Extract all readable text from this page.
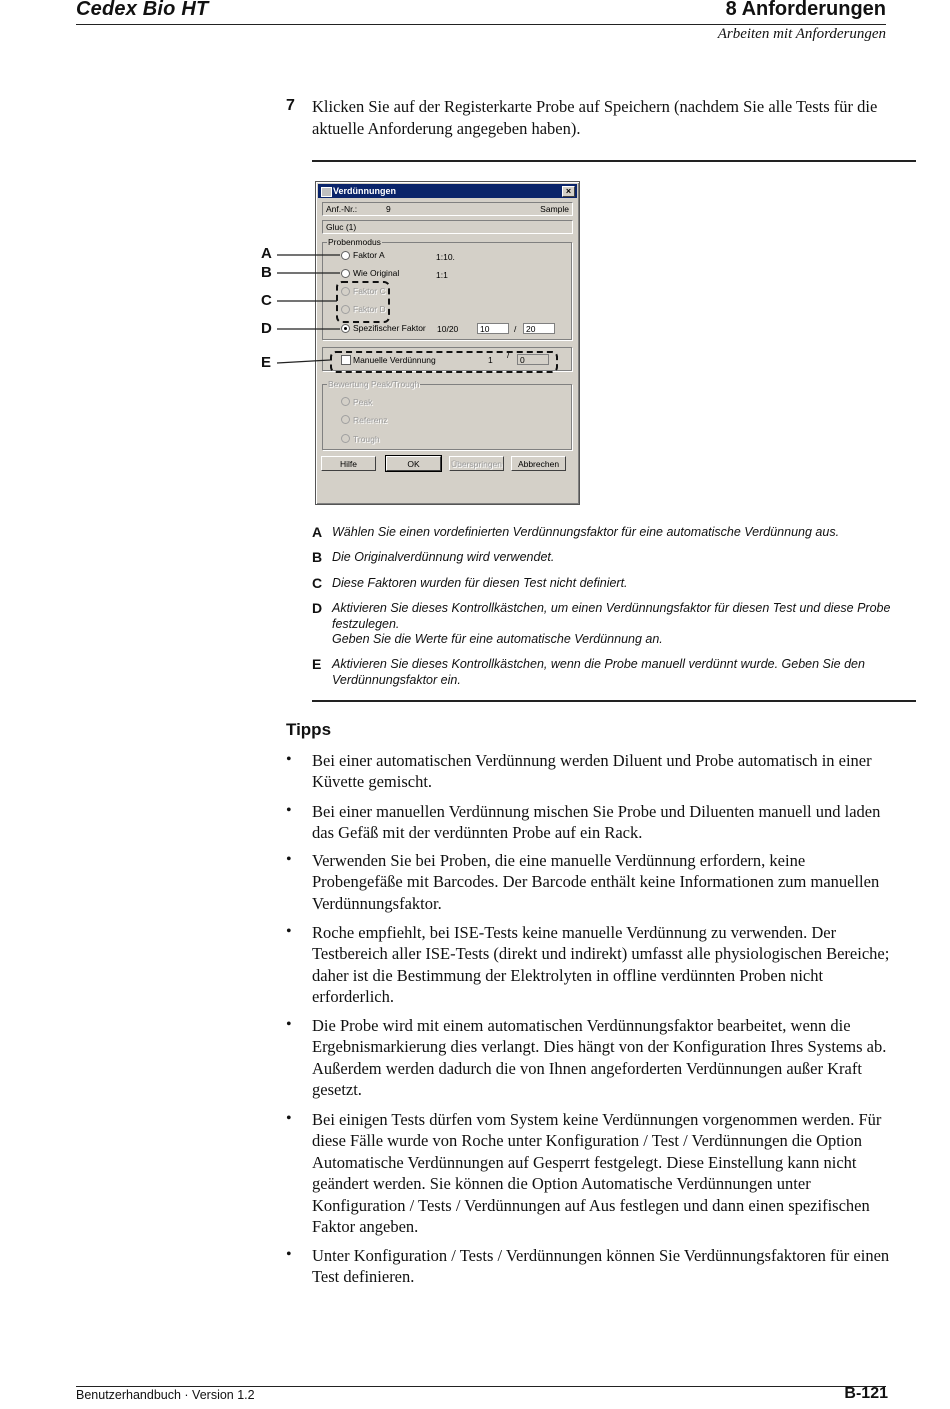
Cedex Bio HT	8 Anforderungen
Arbeiten mit Anforderungen
7 Klicken Sie auf der Registerkarte Probe auf Speichern (nachdem Sie alle Tests für die aktuelle Anforderung angegeben haben).
Verdünnungen	×
Anf.-Nr.:	9	Sample
Gluc (1)
Probenmodus
Faktor A	1:10.
Wie Original	1:1
Faktor C
Faktor D
Spezifischer Faktor 10/20	10	/	20
Manuelle Verdünnung	1 /	0
Bewertung Peak/Trough
Peak
Referenz
Trough
Hilfe	OK	Überspringen	Abbrechen
A
B
C
D
E
A Wählen Sie einen vordefinierten Verdünnungsfaktor für eine automatische Verdünnung aus.
B Die Originalverdünnung wird verwendet.
C Diese Faktoren wurden für diesen Test nicht definiert.
D Aktivieren Sie dieses Kontrollkästchen, um einen Verdünnungsfaktor für diesen Test und diese Probe festzulegen.
Geben Sie die Werte für eine automatische Verdünnung an.
E Aktivieren Sie dieses Kontrollkästchen, wenn die Probe manuell verdünnt wurde. Geben Sie den Verdünnungsfaktor ein.
Tipps
• Bei einer automatischen Verdünnung werden Diluent und Probe automatisch in einer Küvette gemischt.
• Bei einer manuellen Verdünnung mischen Sie Probe und Diluenten manuell und laden das Gefäß mit der verdünnten Probe auf ein Rack.
• Verwenden Sie bei Proben, die eine manuelle Verdünnung erfordern, keine Probengefäße mit Barcodes. Der Barcode enthält keine Informationen zum manuellen Verdünnungsfaktor.
• Roche empfiehlt, bei ISE-Tests keine manuelle Verdünnung zu verwenden. Der Testbereich aller ISE-Tests (direkt und indirekt) umfasst alle physiologischen Bereiche; daher ist die Bestimmung der Elektrolyten in offline verdünnten Proben nicht erforderlich.
• Die Probe wird mit einem automatischen Verdünnungsfaktor bearbeitet, wenn die Ergebnismarkierung dies verlangt. Dies hängt von der Konfiguration Ihres Systems ab. Außerdem werden dadurch die von Ihnen angeforderten Verdünnungen außer Kraft gesetzt.
• Bei einigen Tests dürfen vom System keine Verdünnungen vorgenommen werden. Für diese Fälle wurde von Roche unter Konfiguration / Test / Verdünnungen die Option Automatische Verdünnungen auf Gesperrt festgelegt. Diese Einstellung kann nicht geändert werden. Sie können die Option Automatische Verdünnungen unter Konfiguration / Tests / Verdünnungen auf Aus festlegen und dann einen spezifischen Faktor angeben.
• Unter Konfiguration / Tests / Verdünnungen können Sie Verdünnungsfaktoren für einen Test definieren.
Benutzerhandbuch · Version 1.2	B-121
